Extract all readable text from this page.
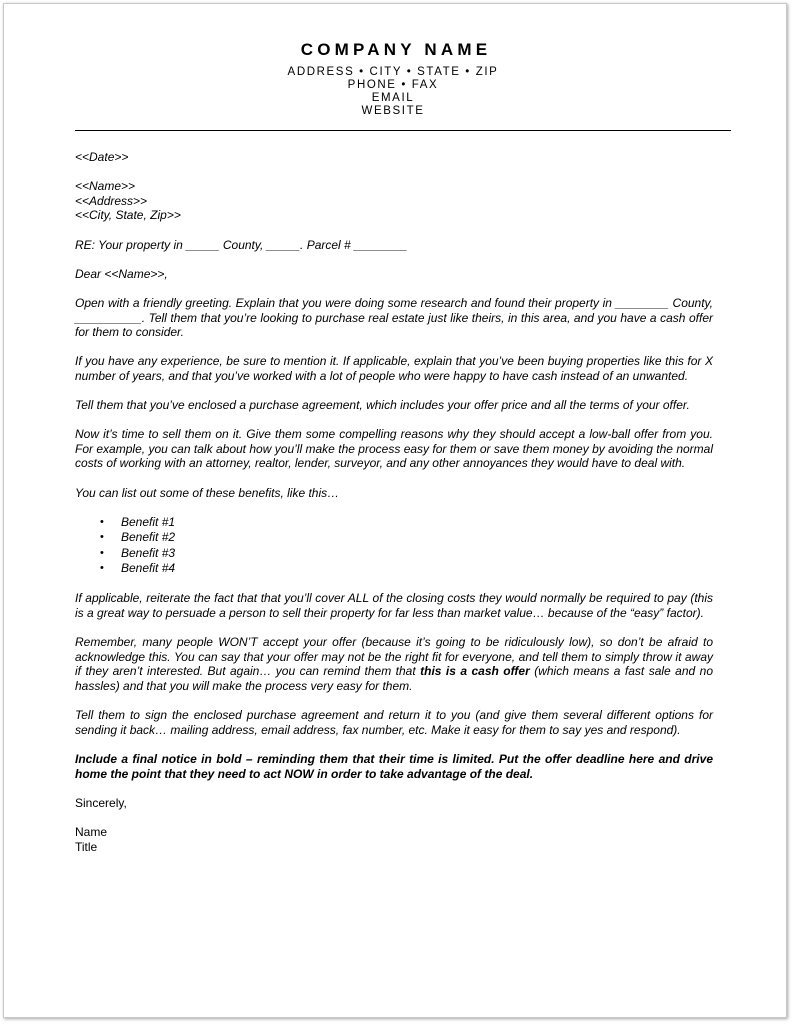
COMPANY NAME
ADDRESS • CITY • STATE • ZIP
PHONE • FAX
EMAIL
WEBSITE

<<Date>>

<<Name>>
<<Address>>
<<City, State, Zip>>

RE: Your property in _____ County, _____. Parcel # ________

Dear <<Name>>,

Open with a friendly greeting. Explain that you were doing some research and found their property in ________ County, __________. Tell them that you’re looking to purchase real estate just like theirs, in this area, and you have a cash offer for them to consider.

If you have any experience, be sure to mention it. If applicable, explain that you’ve been buying properties like this for X number of years, and that you’ve worked with a lot of people who were happy to have cash instead of an unwanted.

Tell them that you’ve enclosed a purchase agreement, which includes your offer price and all the terms of your offer.

Now it’s time to sell them on it. Give them some compelling reasons why they should accept a low-ball offer from you. For example, you can talk about how you’ll make the process easy for them or save them money by avoiding the normal costs of working with an attorney, realtor, lender, surveyor, and any other annoyances they would have to deal with.

You can list out some of these benefits, like this…

• Benefit #1
• Benefit #2
• Benefit #3
• Benefit #4

If applicable, reiterate the fact that that you’ll cover ALL of the closing costs they would normally be required to pay (this is a great way to persuade a person to sell their property for far less than market value… because of the “easy” factor).

Remember, many people WON’T accept your offer (because it’s going to be ridiculously low), so don’t be afraid to acknowledge this. You can say that your offer may not be the right fit for everyone, and tell them to simply throw it away if they aren’t interested. But again… you can remind them that this is a cash offer (which means a fast sale and no hassles) and that you will make the process very easy for them.

Tell them to sign the enclosed purchase agreement and return it to you (and give them several different options for sending it back… mailing address, email address, fax number, etc. Make it easy for them to say yes and respond).

Include a final notice in bold – reminding them that their time is limited. Put the offer deadline here and drive home the point that they need to act NOW in order to take advantage of the deal.

Sincerely,

Name
Title
